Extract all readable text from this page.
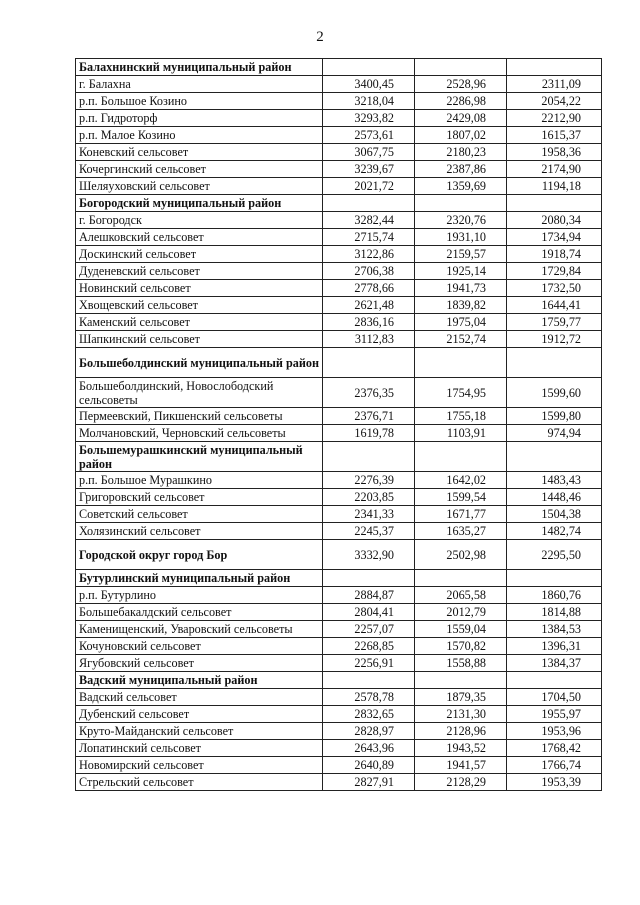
2
Балахнинский муниципальный район			
г. Балахна	3400,45	2528,96	2311,09
р.п. Большое Козино	3218,04	2286,98	2054,22
р.п. Гидроторф	3293,82	2429,08	2212,90
р.п. Малое Козино	2573,61	1807,02	1615,37
Коневский сельсовет	3067,75	2180,23	1958,36
Кочергинский сельсовет	3239,67	2387,86	2174,90
Шеляуховский сельсовет	2021,72	1359,69	1194,18
Богородский муниципальный район			
г. Богородск	3282,44	2320,76	2080,34
Алешковский сельсовет	2715,74	1931,10	1734,94
Доскинский сельсовет	3122,86	2159,57	1918,74
Дуденевский сельсовет	2706,38	1925,14	1729,84
Новинский сельсовет	2778,66	1941,73	1732,50
Хвощевский сельсовет	2621,48	1839,82	1644,41
Каменский сельсовет	2836,16	1975,04	1759,77
Шапкинский сельсовет	3112,83	2152,74	1912,72
Большеболдинский муниципальный район			
Большеболдинский, Новослободский сельсоветы	2376,35	1754,95	1599,60
Пермеевский, Пикшенский сельсоветы	2376,71	1755,18	1599,80
Молчановский, Черновский сельсоветы	1619,78	1103,91	974,94
Большемурашкинский муниципальный район			
р.п. Большое Мурашкино	2276,39	1642,02	1483,43
Григоровский сельсовет	2203,85	1599,54	1448,46
Советский сельсовет	2341,33	1671,77	1504,38
Холязинский сельсовет	2245,37	1635,27	1482,74
Городской округ город Бор	3332,90	2502,98	2295,50
Бутурлинский муниципальный район			
р.п. Бутурлино	2884,87	2065,58	1860,76
Большебакалдский сельсовет	2804,41	2012,79	1814,88
Каменищенский, Уваровский сельсоветы	2257,07	1559,04	1384,53
Кочуновский сельсовет	2268,85	1570,82	1396,31
Ягубовский сельсовет	2256,91	1558,88	1384,37
Вадский муниципальный район			
Вадский сельсовет	2578,78	1879,35	1704,50
Дубенский сельсовет	2832,65	2131,30	1955,97
Круто-Майданский сельсовет	2828,97	2128,96	1953,96
Лопатинский сельсовет	2643,96	1943,52	1768,42
Новомирский сельсовет	2640,89	1941,57	1766,74
Стрельский сельсовет	2827,91	2128,29	1953,39
